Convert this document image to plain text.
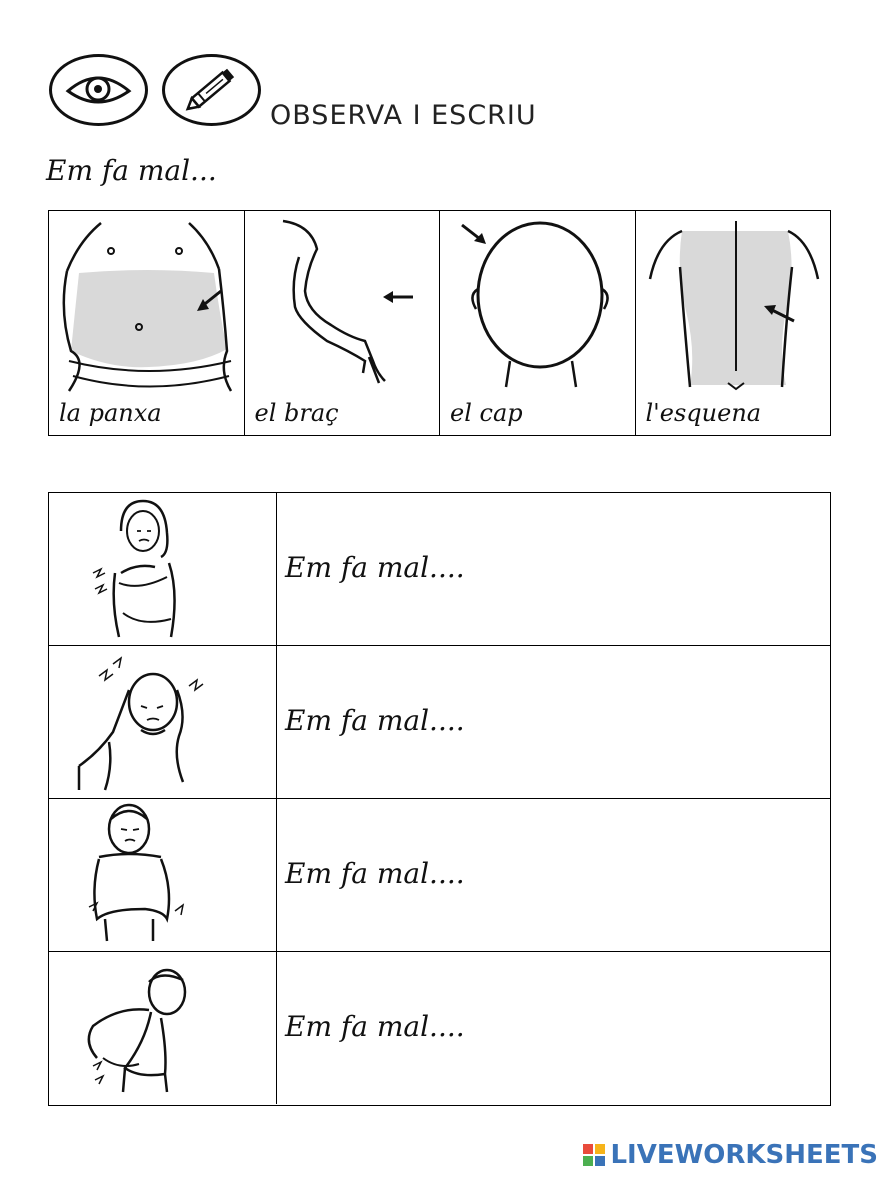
OBSERVA I ESCRIU
Em fa mal...
la panxa	el braç	el cap	l'esquena
Em fa mal....
Em fa mal....
Em fa mal....
Em fa mal....
LIVEWORKSHEETS
